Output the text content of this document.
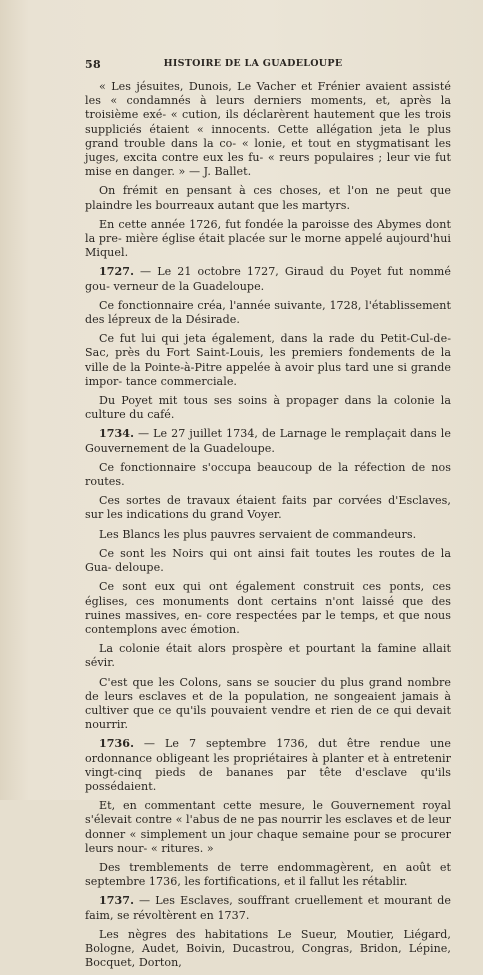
58	HISTOIRE DE LA GUADELOUPE

« Les jésuites, Dunois, Le Vacher et Frénier avaient assisté les « condamnés à leurs derniers moments, et, après la troisième exé- « cution, ils déclarèrent hautement que les trois suppliciés étaient « innocents. Cette allégation jeta le plus grand trouble dans la co- « lonie, et tout en stygmatisant les juges, excita contre eux les fu- « reurs populaires ; leur vie fut mise en danger. » — J. Ballet.

On frémit en pensant à ces choses, et l'on ne peut que plaindre les bourreaux autant que les martyrs.

En cette année 1726, fut fondée la paroisse des Abymes dont la pre- mière église était placée sur le morne appelé aujourd'hui Miquel.

1727. — Le 21 octobre 1727, Giraud du Poyet fut nommé gou- verneur de la Guadeloupe.

Ce fonctionnaire créa, l'année suivante, 1728, l'établissement des lépreux de la Désirade.

Ce fut lui qui jeta également, dans la rade du Petit-Cul-de-Sac, près du Fort Saint-Louis, les premiers fondements de la ville de la Pointe-à-Pitre appelée à avoir plus tard une si grande impor- tance commerciale.

Du Poyet mit tous ses soins à propager dans la colonie la culture du café.

1734. — Le 27 juillet 1734, de Larnage le remplaçait dans le Gouvernement de la Guadeloupe.

Ce fonctionnaire s'occupa beaucoup de la réfection de nos routes.

Ces sortes de travaux étaient faits par corvées d'Esclaves, sur les indications du grand Voyer.

Les Blancs les plus pauvres servaient de commandeurs.

Ce sont les Noirs qui ont ainsi fait toutes les routes de la Gua- deloupe.

Ce sont eux qui ont également construit ces ponts, ces églises, ces monuments dont certains n'ont laissé que des ruines massives, en- core respectées par le temps, et que nous contemplons avec émotion.

La colonie était alors prospère et pourtant la famine allait sévir.

C'est que les Colons, sans se soucier du plus grand nombre de leurs esclaves et de la population, ne songeaient jamais à cultiver que ce qu'ils pouvaient vendre et rien de ce qui devait nourrir.

1736. — Le 7 septembre 1736, dut être rendue une ordonnance obligeant les propriétaires à planter et à entretenir vingt-cinq pieds de bananes par tête d'esclave qu'ils possédaient.

Et, en commentant cette mesure, le Gouvernement royal s'élevait contre « l'abus de ne pas nourrir les esclaves et de leur donner « simplement un jour chaque semaine pour se procurer leurs nour- « ritures. »

Des tremblements de terre endommagèrent, en août et septembre 1736, les fortifications, et il fallut les rétablir.

1737. — Les Esclaves, souffrant cruellement et mourant de faim, se révoltèrent en 1737.

Les nègres des habitations Le Sueur, Moutier, Liégard, Bologne, Audet, Boivin, Ducastrou, Congras, Bridon, Lépine, Bocquet, Dorton,
